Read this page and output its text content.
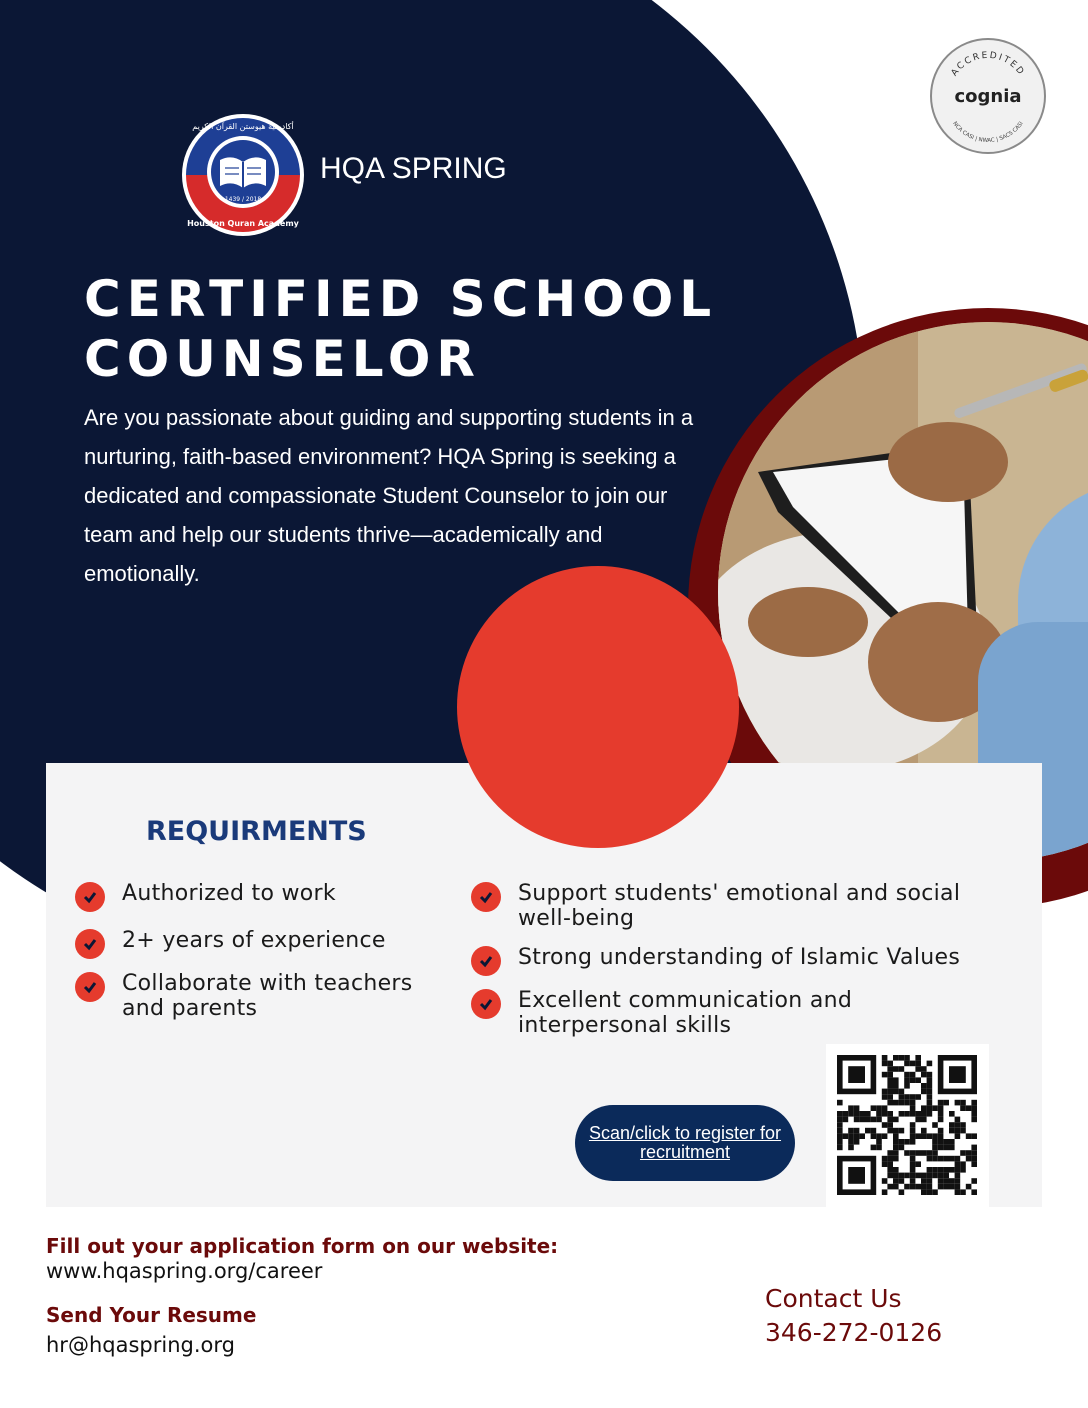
1439 / 2018
Houston Quran Academy
أكاديمية هيوستن القرآن الكريم
HQA SPRING
ACCREDITED
cognia
NCA CASI | NWAC | SACS CASI
CERTIFIED SCHOOL
COUNSELOR
Are you passionate about guiding and supporting students in a nurturing, faith-based environment? HQA Spring is seeking a dedicated and compassionate Student Counselor to join our team and help our students thrive—academically and emotionally.
REQUIRMENTS
Authorized to work
2+ years of experience
Collaborate with teachers and parents
Support students' emotional and social well-being
Strong understanding of Islamic Values
Excellent communication and interpersonal skills
Scan/click to register for recruitment
Fill out your application form on our website:
www.hqaspring.org/career
Send Your Resume
hr@hqaspring.org
Contact Us
346-272-0126
